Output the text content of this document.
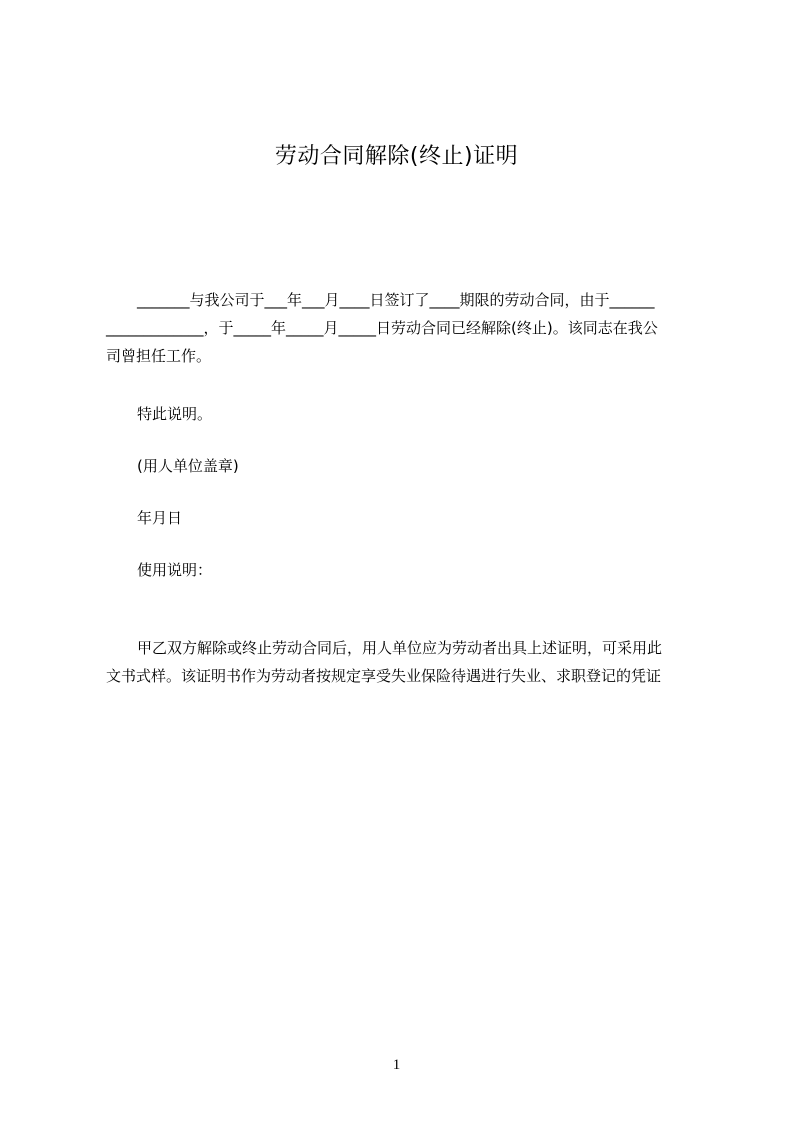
劳动合同解除(终止)证明
_______与我公司于___年___月____日签订了____期限的劳动合同，由于______
_____________，于_____年_____月_____日劳动合同已经解除(终止)。该同志在我公
司曾担任工作。

特此说明。

(用人单位盖章)

年月日

使用说明：

甲乙双方解除或终止劳动合同后，用人单位应为劳动者出具上述证明，可采用此
文书式样。该证明书作为劳动者按规定享受失业保险待遇进行失业、求职登记的凭证

1
